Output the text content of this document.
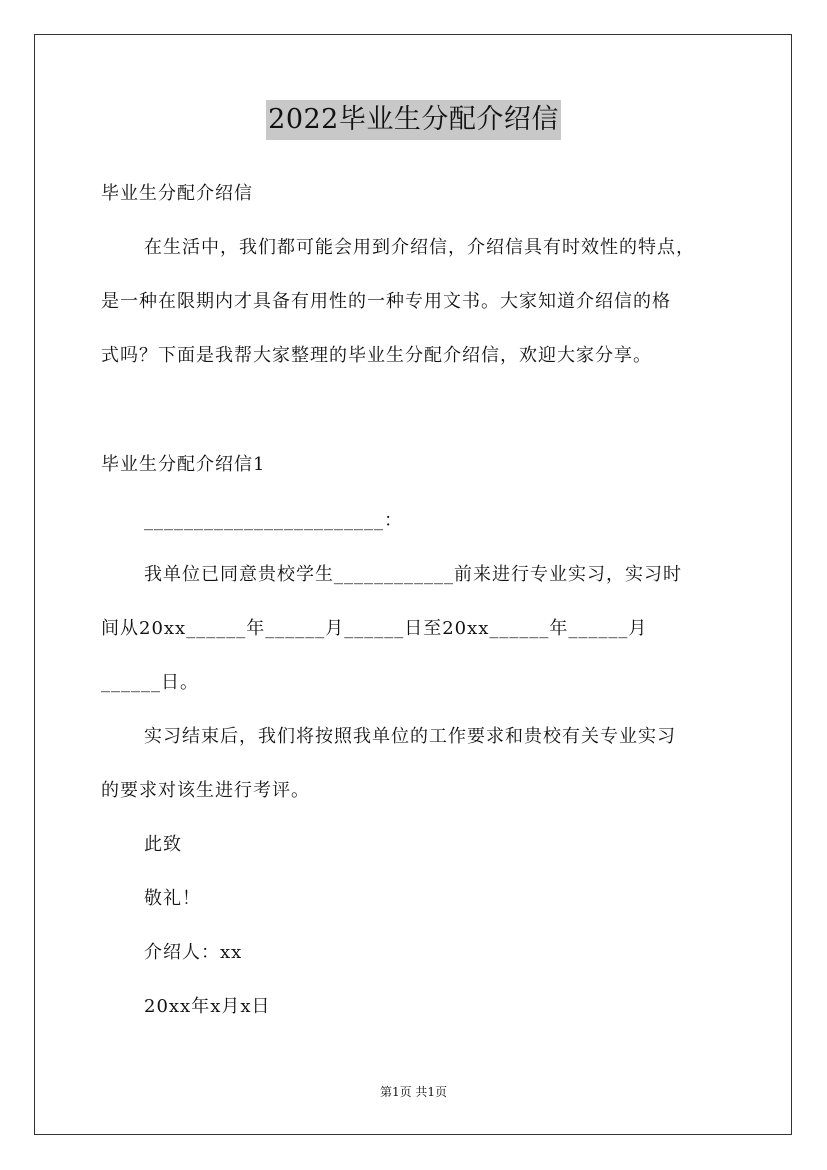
2022毕业生分配介绍信
毕业生分配介绍信
在生活中，我们都可能会用到介绍信，介绍信具有时效性的特点，
是一种在限期内才具备有用性的一种专用文书。大家知道介绍信的格
式吗？下面是我帮大家整理的毕业生分配介绍信，欢迎大家分享。
毕业生分配介绍信1
________________________：
我单位已同意贵校学生____________前来进行专业实习，实习时
间从20xx______年______月______日至20xx______年______月
______日。
实习结束后，我们将按照我单位的工作要求和贵校有关专业实习
的要求对该生进行考评。
此致
敬礼！
介绍人：xx
20xx年x月x日
第1页 共1页
